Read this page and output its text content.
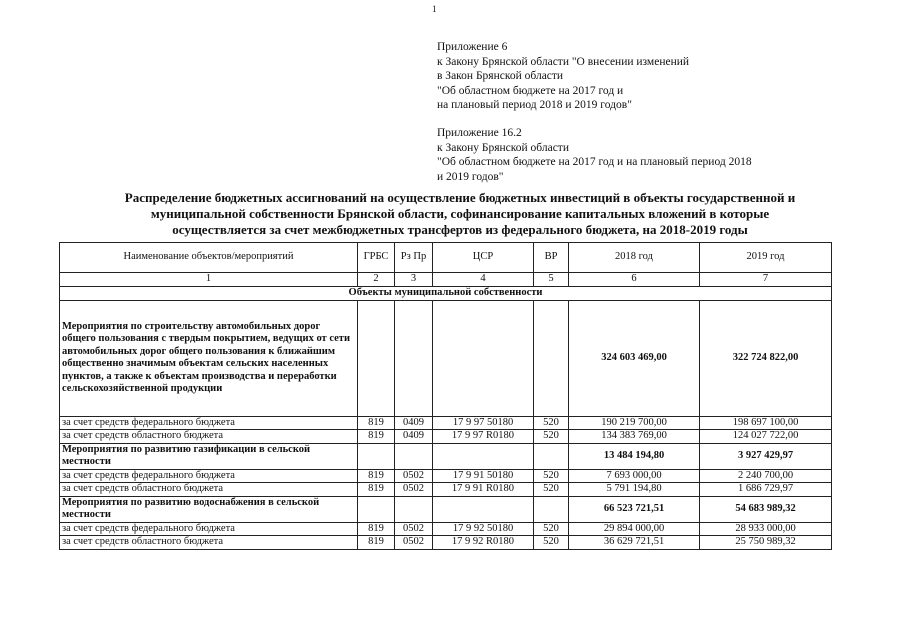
1
Приложение 6
к Закону Брянской области "О внесении изменений
в Закон Брянской области
"Об областном бюджете на 2017 год и
на плановый период 2018 и 2019 годов"
Приложение 16.2
к Закону Брянской области
"Об областном бюджете на 2017 год и на плановый период 2018
и 2019 годов"
Распределение бюджетных ассигнований на осуществление бюджетных инвестиций в объекты государственной и
муниципальной собственности Брянской области, софинансирование капитальных вложений в которые
осуществляется за счет межбюджетных трансфертов из федерального бюджета, на 2018-2019 годы
Наименование объектов/мероприятий	ГРБС	Рз Пр	ЦСР	ВР	2018 год	2019 год
1	2	3	4	5	6	7
Объекты муниципальной собственности						
Мероприятия по строительству автомобильных дорог общего пользования с твердым покрытием, ведущих от сети автомобильных дорог общего пользования к ближайшим общественно значимым объектам сельских населенных пунктов, а также к объектам производства и переработки сельскохозяйственной продукции					324 603 469,00	322 724 822,00
за счет средств федерального бюджета	819	0409	17 9 97 50180	520	190 219 700,00	198 697 100,00
за счет средств областного бюджета	819	0409	17 9 97 R0180	520	134 383 769,00	124 027 722,00
Мероприятия по развитию газификации в сельской местности					13 484 194,80	3 927 429,97
за счет средств федерального бюджета	819	0502	17 9 91 50180	520	7 693 000,00	2 240 700,00
за счет средств областного бюджета	819	0502	17 9 91 R0180	520	5 791 194,80	1 686 729,97
Мероприятия по развитию водоснабжения в сельской местности					66 523 721,51	54 683 989,32
за счет средств федерального бюджета	819	0502	17 9 92 50180	520	29 894 000,00	28 933 000,00
за счет средств областного бюджета	819	0502	17 9 92 R0180	520	36 629 721,51	25 750 989,32
